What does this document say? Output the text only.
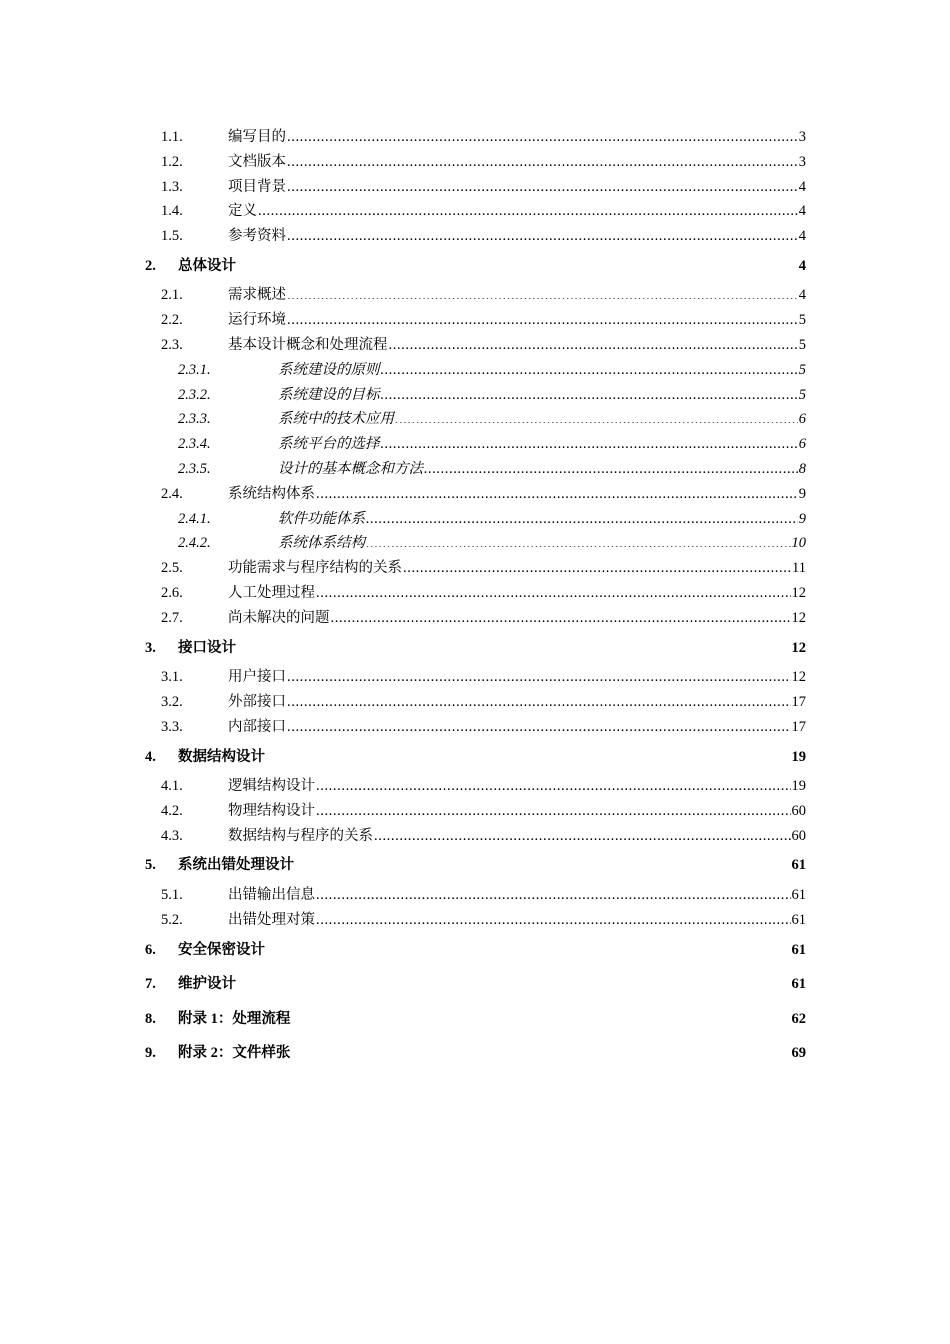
1.1.	编写目的 .....	3
1.2.	文档版本 .....	3
1.3.	项目背景 .....	4
1.4.	定义 .....	4
1.5.	参考资料 .....	4
2.	总体设计 .....	4
2.1.	需求概述 .....	4
2.2.	运行环境 .....	5
2.3.	基本设计概念和处理流程 .....	5
2.3.1.	系统建设的原则 .....	5
2.3.2.	系统建设的目标 .....	5
2.3.3.	系统中的技术应用 .....	6
2.3.4.	系统平台的选择 .....	6
2.3.5.	设计的基本概念和方法 .....	8
2.4.	系统结构体系 .....	9
2.4.1.	软件功能体系 .....	9
2.4.2.	系统体系结构 .....	10
2.5.	功能需求与程序结构的关系 .....	11
2.6.	人工处理过程 .....	12
2.7.	尚未解决的问题 .....	12
3.	接口设计 .....	12
3.1.	用户接口 .....	12
3.2.	外部接口 .....	17
3.3.	内部接口 .....	17
4.	数据结构设计 .....	19
4.1.	逻辑结构设计 .....	19
4.2.	物理结构设计 .....	60
4.3.	数据结构与程序的关系 .....	60
5.	系统出错处理设计 .....	61
5.1.	出错输出信息 .....	61
5.2.	出错处理对策 .....	61
6.	安全保密设计 .....	61
7.	维护设计 .....	61
8.	附录 1：处理流程 .....	62
9.	附录 2：文件样张 .....	69
